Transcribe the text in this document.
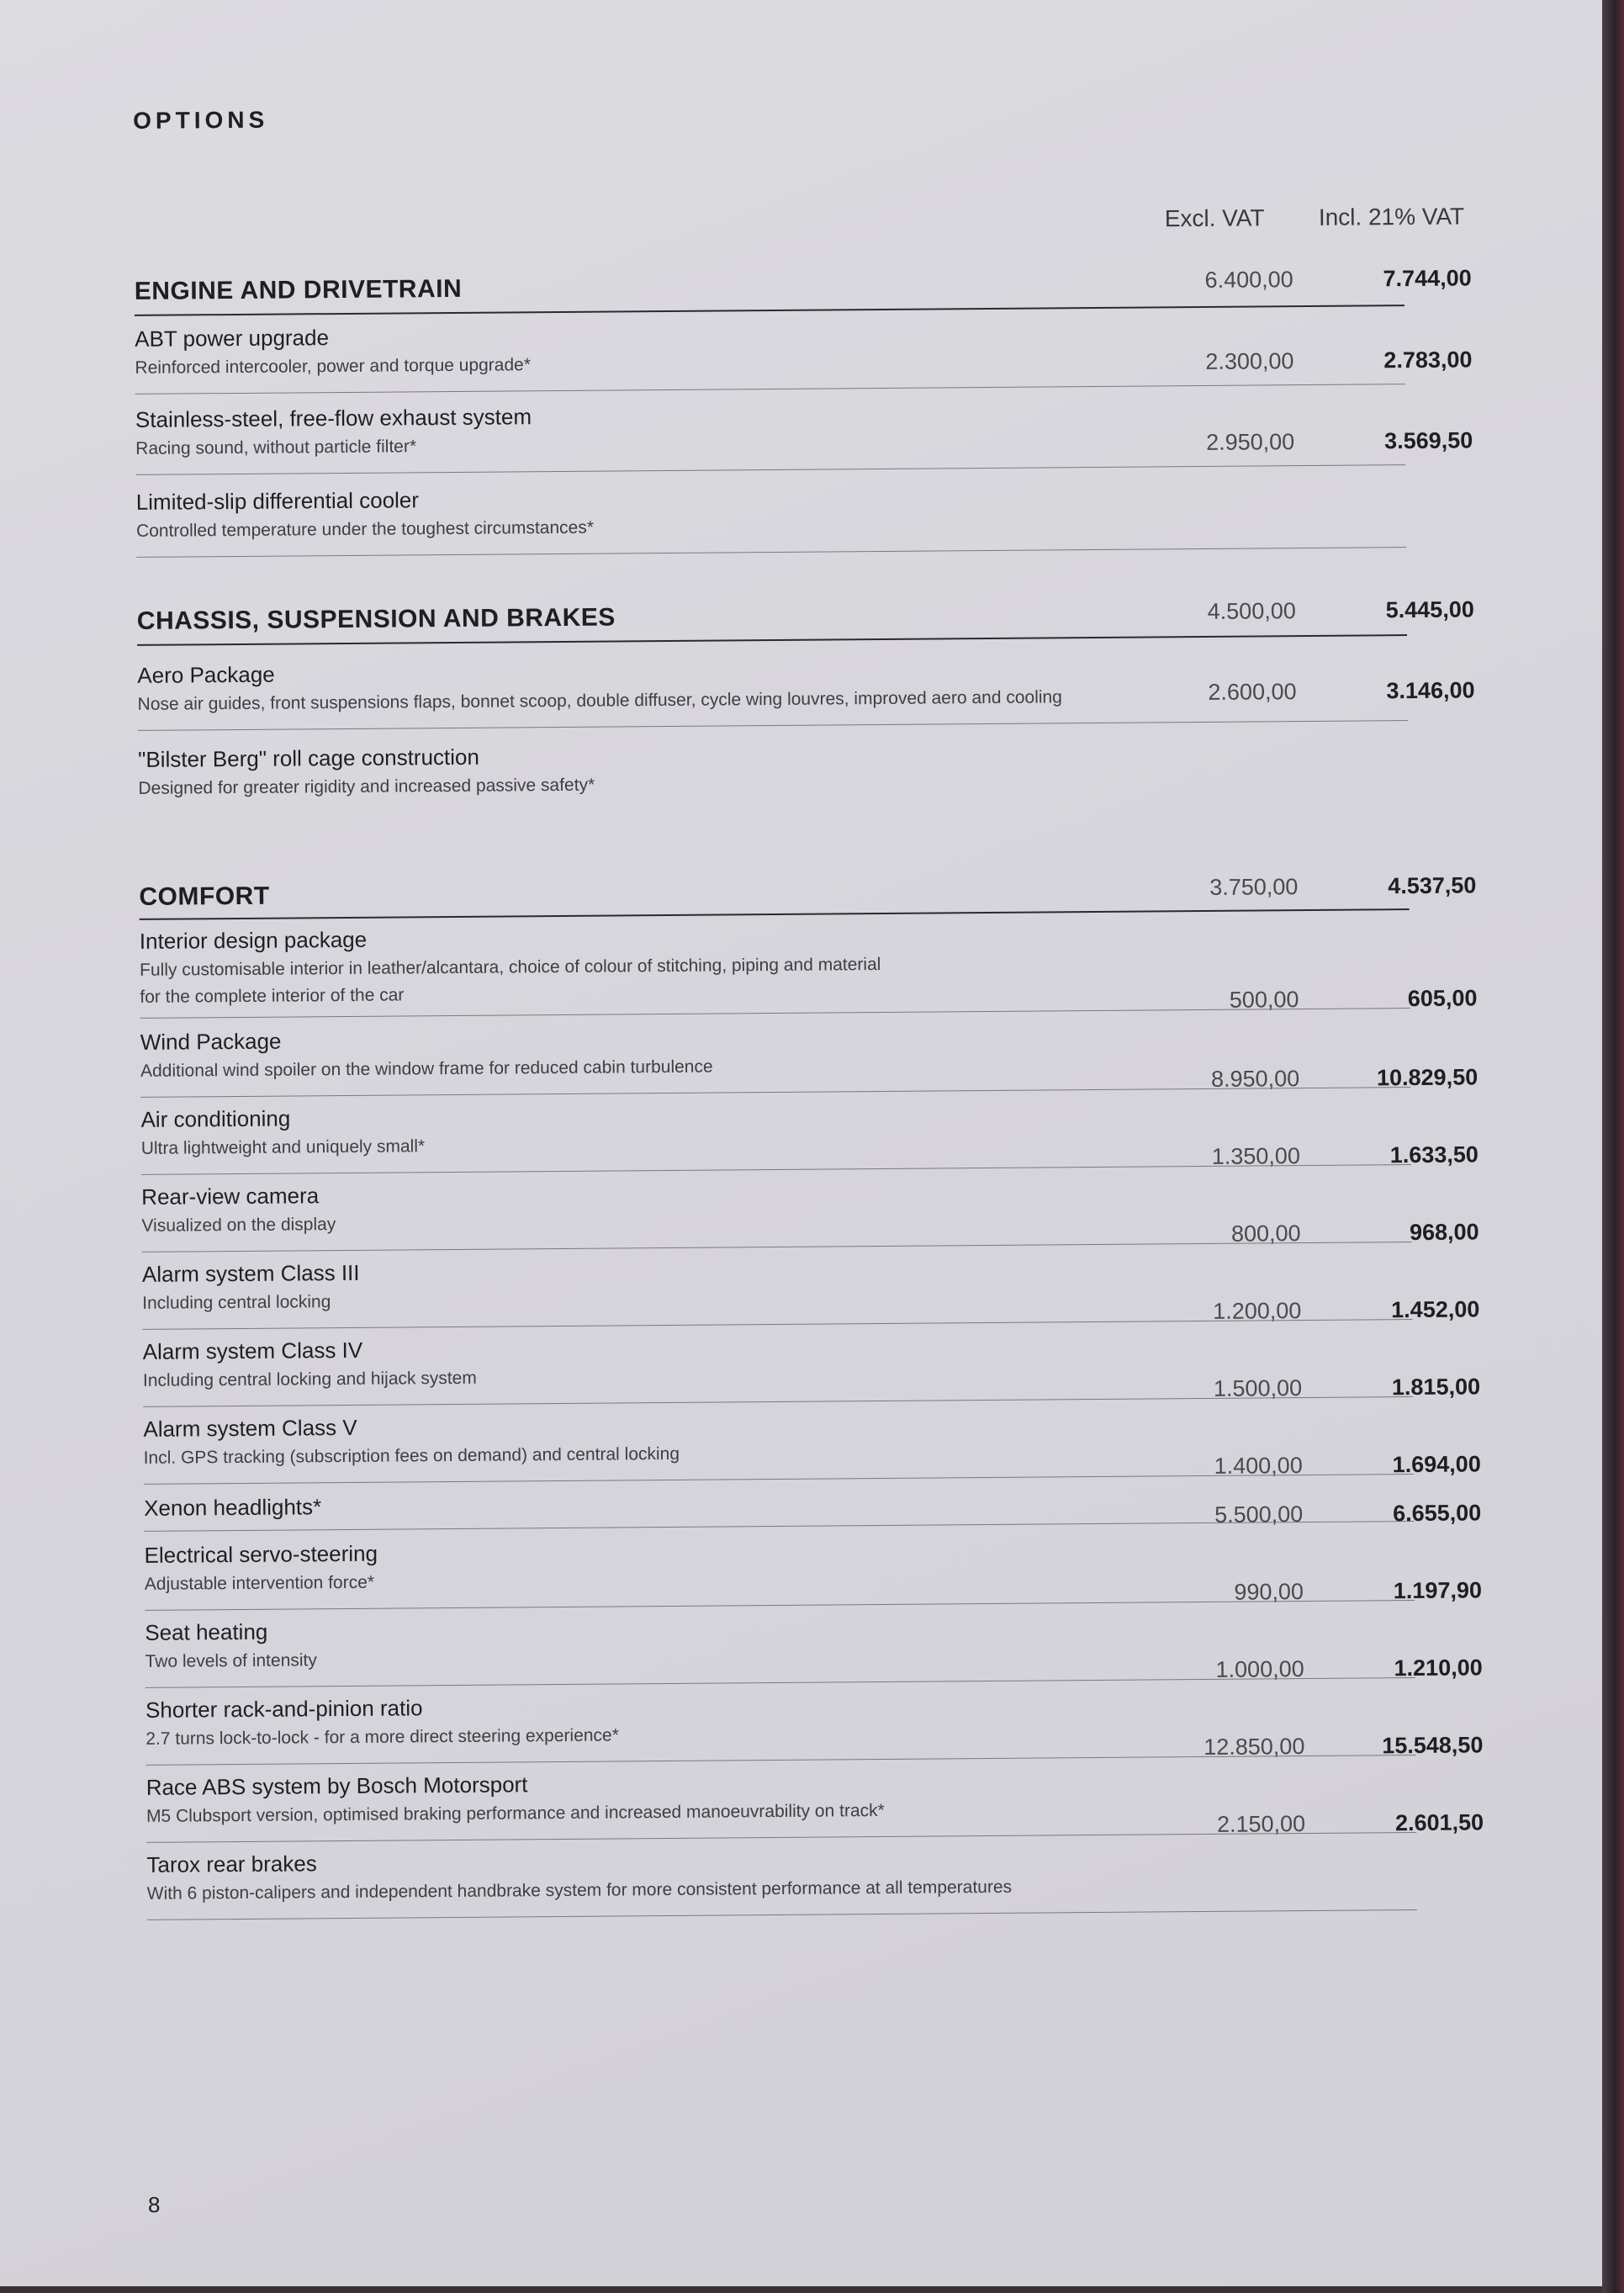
OPTIONS
Excl. VAT	Incl. 21% VAT
ENGINE AND DRIVETRAIN	6.400,00	7.744,00
ABT power upgrade
Reinforced intercooler, power and torque upgrade*	2.300,00	2.783,00
Stainless-steel, free-flow exhaust system
Racing sound, without particle filter*	2.950,00	3.569,50
Limited-slip differential cooler
Controlled temperature under the toughest circumstances*
CHASSIS, SUSPENSION AND BRAKES	4.500,00	5.445,00
Aero Package
Nose air guides, front suspensions flaps, bonnet scoop, double diffuser, cycle wing louvres, improved aero and cooling	2.600,00	3.146,00
"Bilster Berg" roll cage construction
Designed for greater rigidity and increased passive safety*
COMFORT	3.750,00	4.537,50
Interior design package
Fully customisable interior in leather/alcantara, choice of colour of stitching, piping and material
for the complete interior of the car	500,00	605,00
Wind Package
Additional wind spoiler on the window frame for reduced cabin turbulence	8.950,00	10.829,50
Air conditioning
Ultra lightweight and uniquely small*	1.350,00	1.633,50
Rear-view camera
Visualized on the display	800,00	968,00
Alarm system Class III
Including central locking	1.200,00	1.452,00
Alarm system Class IV
Including central locking and hijack system	1.500,00	1.815,00
Alarm system Class V
Incl. GPS tracking (subscription fees on demand) and central locking	1.400,00	1.694,00
Xenon headlights*	5.500,00	6.655,00
Electrical servo-steering
Adjustable intervention force*	990,00	1.197,90
Seat heating
Two levels of intensity	1.000,00	1.210,00
Shorter rack-and-pinion ratio
2.7 turns lock-to-lock - for a more direct steering experience*	12.850,00	15.548,50
Race ABS system by Bosch Motorsport
M5 Clubsport version, optimised braking performance and increased manoeuvrability on track*	2.150,00	2.601,50
Tarox rear brakes
With 6 piston-calipers and independent handbrake system for more consistent performance at all temperatures
8
